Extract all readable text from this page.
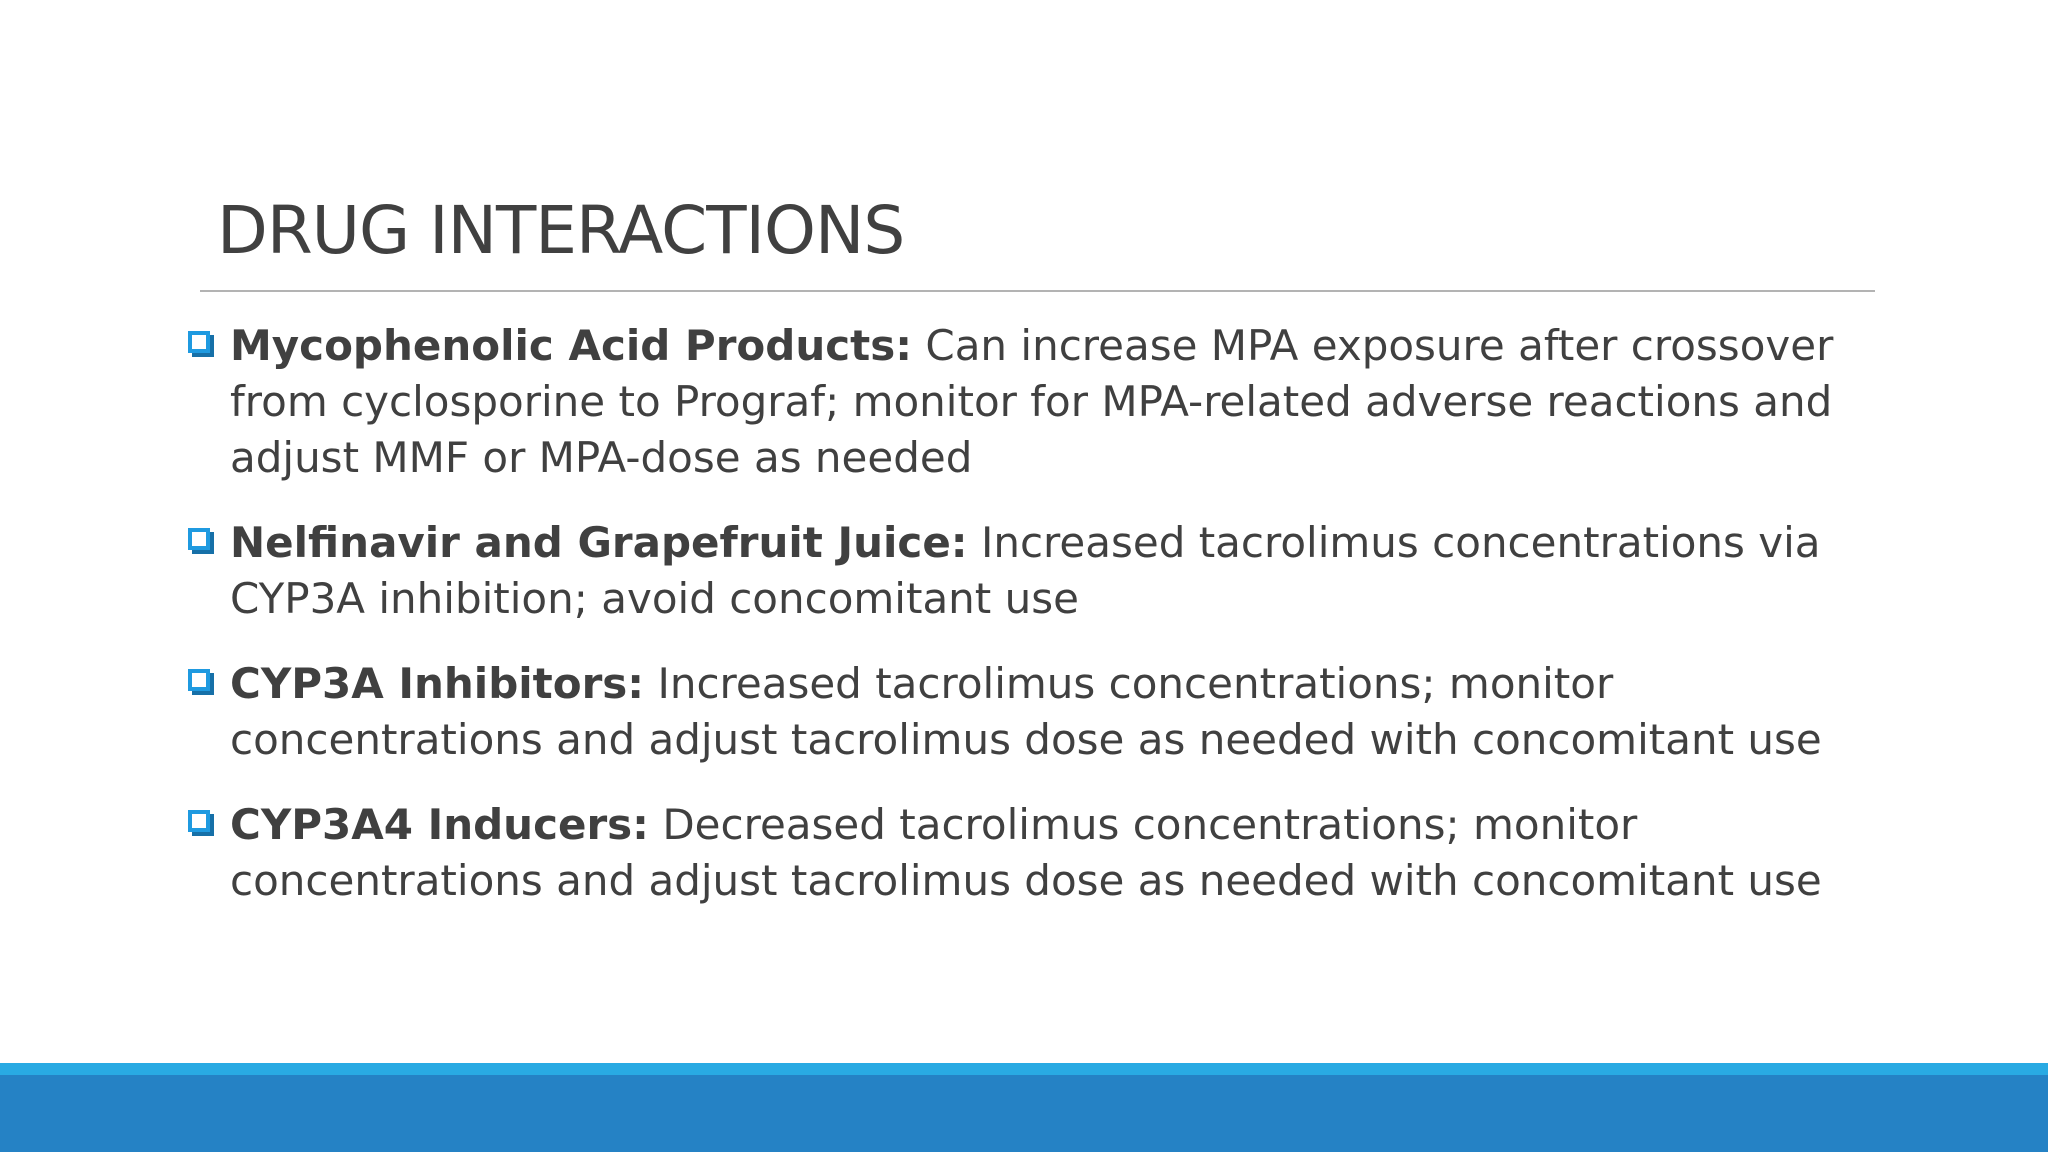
DRUG INTERACTIONS
Mycophenolic Acid Products: Can increase MPA exposure after crossover from cyclosporine to Prograf; monitor for MPA-related adverse reactions and adjust MMF or MPA-dose as needed
Nelfinavir and Grapefruit Juice: Increased tacrolimus concentrations via CYP3A inhibition; avoid concomitant use
CYP3A Inhibitors: Increased tacrolimus concentrations; monitor concentrations and adjust tacrolimus dose as needed with concomitant use
CYP3A4 Inducers: Decreased tacrolimus concentrations; monitor concentrations and adjust tacrolimus dose as needed with concomitant use
